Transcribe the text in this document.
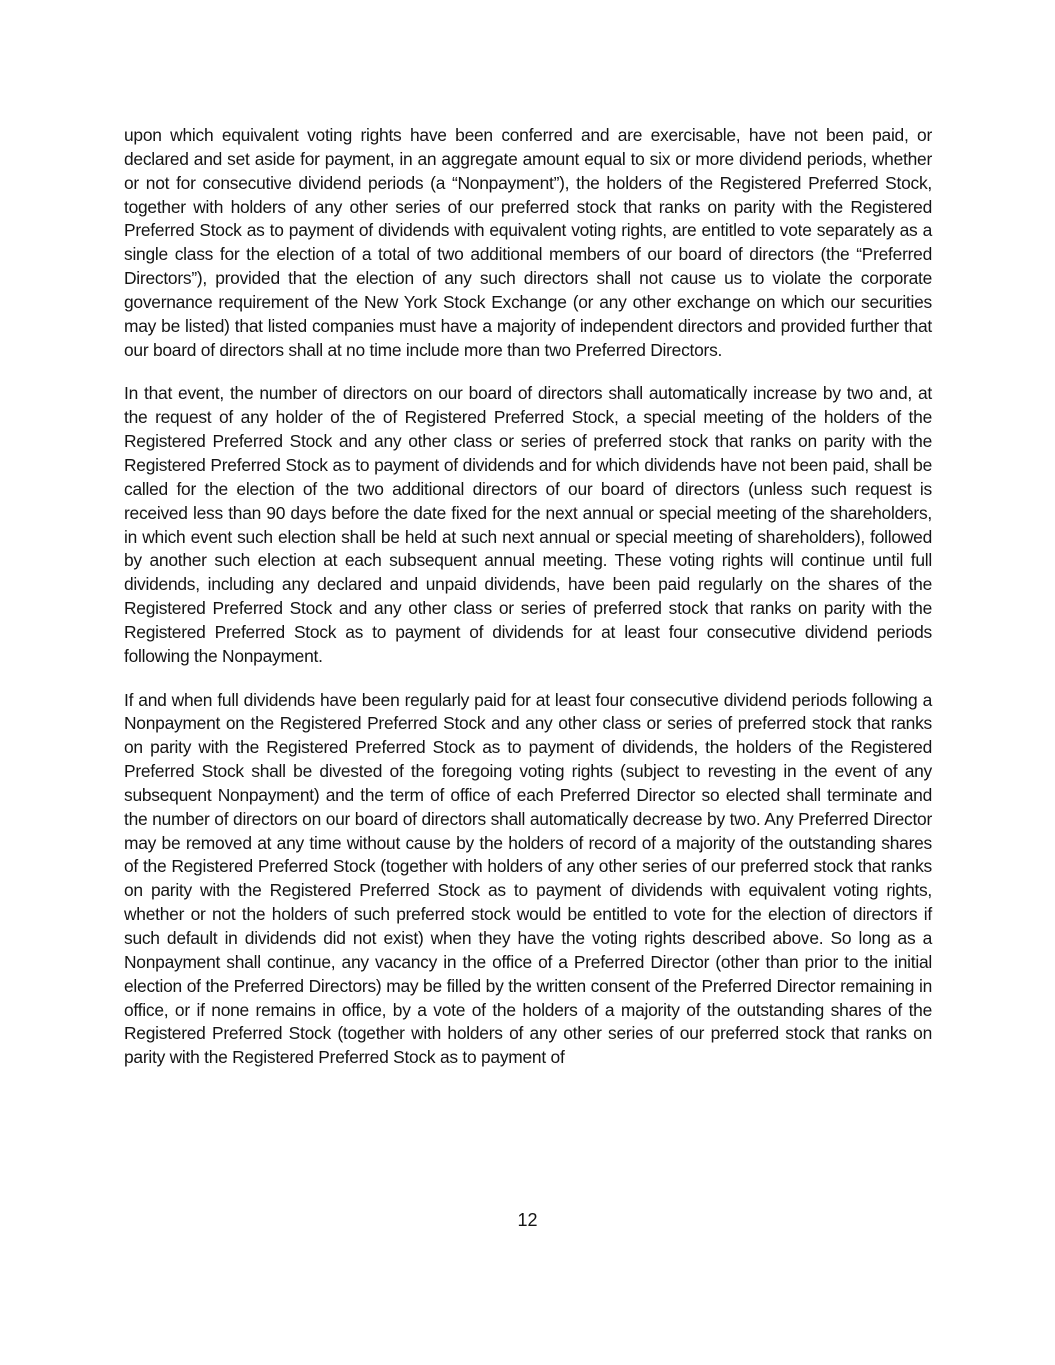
upon which equivalent voting rights have been conferred and are exercisable, have not been paid, or declared and set aside for payment, in an aggregate amount equal to six or more dividend periods, whether or not for consecutive dividend periods (a “Nonpayment”), the holders of the Registered Preferred Stock, together with holders of any other series of our preferred stock that ranks on parity with the Registered Preferred Stock as to payment of dividends with equivalent voting rights, are entitled to vote separately as a single class for the election of a total of two additional members of our board of directors (the “Preferred Directors”), provided that the election of any such directors shall not cause us to violate the corporate governance requirement of the New York Stock Exchange (or any other exchange on which our securities may be listed) that listed companies must have a majority of independent directors and provided further that our board of directors shall at no time include more than two Preferred Directors.

In that event, the number of directors on our board of directors shall automatically increase by two and, at the request of any holder of the of Registered Preferred Stock, a special meeting of the holders of the Registered Preferred Stock and any other class or series of preferred stock that ranks on parity with the Registered Preferred Stock as to payment of dividends and for which dividends have not been paid, shall be called for the election of the two additional directors of our board of directors (unless such request is received less than 90 days before the date fixed for the next annual or special meeting of the shareholders, in which event such election shall be held at such next annual or special meeting of shareholders), followed by another such election at each subsequent annual meeting. These voting rights will continue until full dividends, including any declared and unpaid dividends, have been paid regularly on the shares of the Registered Preferred Stock and any other class or series of preferred stock that ranks on parity with the Registered Preferred Stock as to payment of dividends for at least four consecutive dividend periods following the Nonpayment.

If and when full dividends have been regularly paid for at least four consecutive dividend periods following a Nonpayment on the Registered Preferred Stock and any other class or series of preferred stock that ranks on parity with the Registered Preferred Stock as to payment of dividends, the holders of the Registered Preferred Stock shall be divested of the foregoing voting rights (subject to revesting in the event of any subsequent Nonpayment) and the term of office of each Preferred Director so elected shall terminate and the number of directors on our board of directors shall automatically decrease by two. Any Preferred Director may be removed at any time without cause by the holders of record of a majority of the outstanding shares of the Registered Preferred Stock (together with holders of any other series of our preferred stock that ranks on parity with the Registered Preferred Stock as to payment of dividends with equivalent voting rights, whether or not the holders of such preferred stock would be entitled to vote for the election of directors if such default in dividends did not exist) when they have the voting rights described above. So long as a Nonpayment shall continue, any vacancy in the office of a Preferred Director (other than prior to the initial election of the Preferred Directors) may be filled by the written consent of the Preferred Director remaining in office, or if none remains in office, by a vote of the holders of a majority of the outstanding shares of the Registered Preferred Stock (together with holders of any other series of our preferred stock that ranks on parity with the Registered Preferred Stock as to payment of

12
